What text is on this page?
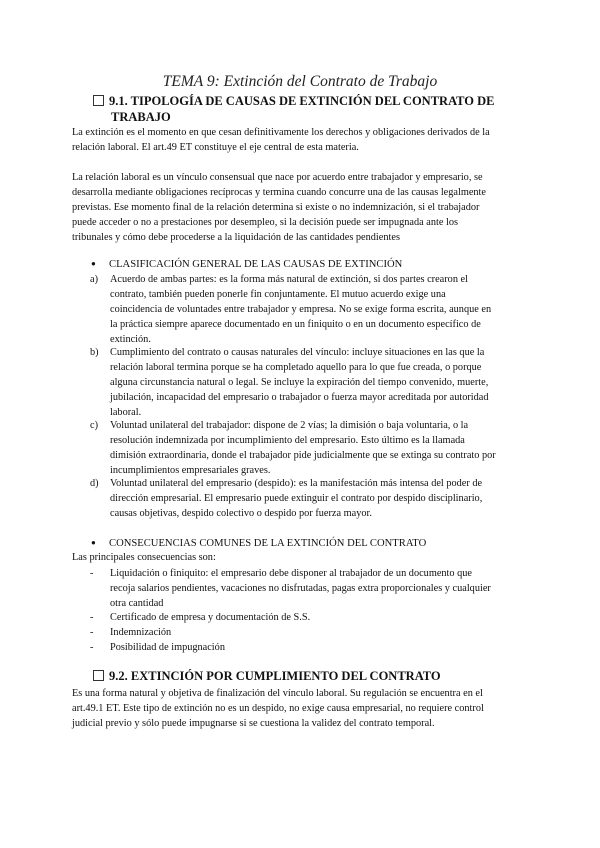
TEMA 9: Extinción del Contrato de Trabajo
9.1. TIPOLOGÍA DE CAUSAS DE EXTINCIÓN DEL CONTRATO DE
TRABAJO
La extinción es el momento en que cesan definitivamente los derechos y obligaciones derivados de la
relación laboral. El art.49 ET constituye el eje central de esta materia.
La relación laboral es un vínculo consensual que nace por acuerdo entre trabajador y empresario, se
desarrolla mediante obligaciones recíprocas y termina cuando concurre una de las causas legalmente
previstas. Ese momento final de la relación determina si existe o no indemnización, si el trabajador
puede acceder o no a prestaciones por desempleo, si la decisión puede ser impugnada ante los
tribunales y cómo debe procederse a la liquidación de las cantidades pendientes
● CLASIFICACIÓN GENERAL DE LAS CAUSAS DE EXTINCIÓN
a)	Acuerdo de ambas partes: es la forma más natural de extinción, si dos partes crearon el
contrato, también pueden ponerle fin conjuntamente. El mutuo acuerdo exige una
coincidencia de voluntades entre trabajador y empresa. No se exige forma escrita, aunque en
la práctica siempre aparece documentado en un finiquito o en un documento específico de
extinción.
b)	Cumplimiento del contrato o causas naturales del vínculo: incluye situaciones en las que la
relación laboral termina porque se ha completado aquello para lo que fue creada, o porque
alguna circunstancia natural o legal. Se incluye la expiración del tiempo convenido, muerte,
jubilación, incapacidad del empresario o trabajador o fuerza mayor acreditada por autoridad
laboral.
c)	Voluntad unilateral del trabajador: dispone de 2 vías; la dimisión o baja voluntaria, o la
resolución indemnizada por incumplimiento del empresario. Esto último es la llamada
dimisión extraordinaria, donde el trabajador pide judicialmente que se extinga su contrato por
incumplimientos empresariales graves.
d)	Voluntad unilateral del empresario (despido): es la manifestación más intensa del poder de
dirección empresarial. El empresario puede extinguir el contrato por despido disciplinario,
causas objetivas, despido colectivo o despido por fuerza mayor.
● CONSECUENCIAS COMUNES DE LA EXTINCIÓN DEL CONTRATO
Las principales consecuencias son:
-	Liquidación o finiquito: el empresario debe disponer al trabajador de un documento que
recoja salarios pendientes, vacaciones no disfrutadas, pagas extra proporcionales y cualquier
otra cantidad
-	Certificado de empresa y documentación de S.S.
-	Indemnización
-	Posibilidad de impugnación
9.2. EXTINCIÓN POR CUMPLIMIENTO DEL CONTRATO
Es una forma natural y objetiva de finalización del vínculo laboral. Su regulación se encuentra en el
art.49.1 ET. Este tipo de extinción no es un despido, no exige causa empresarial, no requiere control
judicial previo y sólo puede impugnarse si se cuestiona la validez del contrato temporal.
